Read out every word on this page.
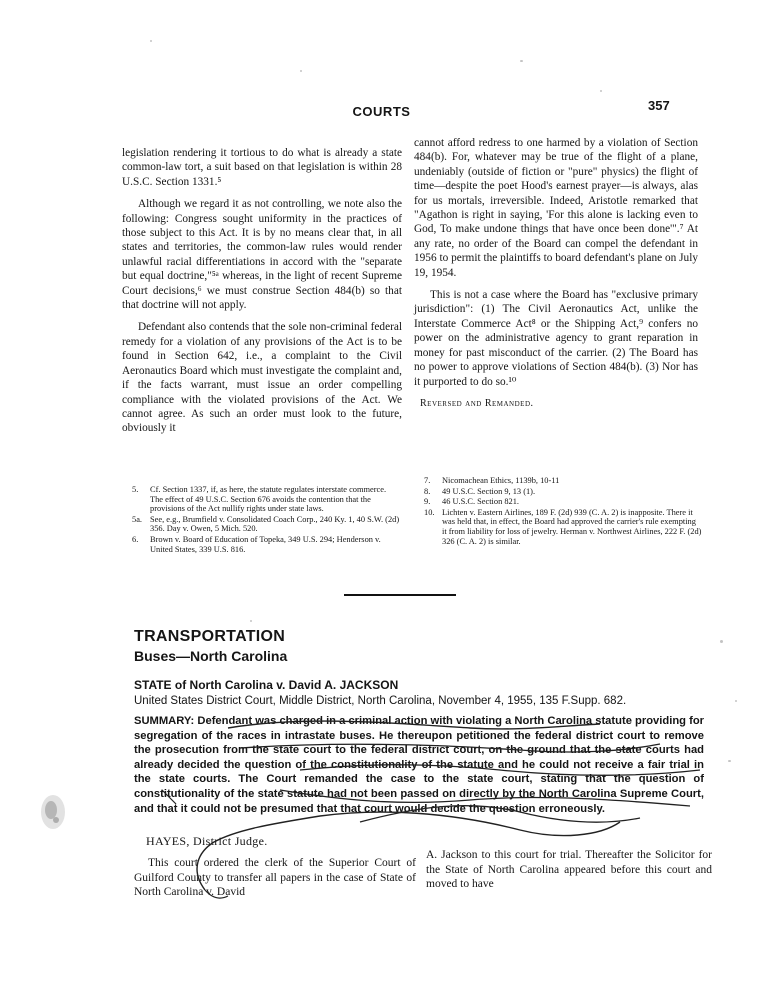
COURTS	357

legislation rendering it tortious to do what is already a state common-law tort, a suit based on that legislation is within 28 U.S.C. Section 1331.⁵

Although we regard it as not controlling, we note also the following: Congress sought uniformity in the practices of those subject to this Act. It is by no means clear that, in all states and territories, the common-law rules would render unlawful racial differentiations in accord with the "separate but equal doctrine,"⁵ᵃ whereas, in the light of recent Supreme Court decisions,⁶ we must construe Section 484(b) so that that doctrine will not apply.

Defendant also contends that the sole non-criminal federal remedy for a violation of any provisions of the Act is to be found in Section 642, i.e., a complaint to the Civil Aeronautics Board which must investigate the complaint and, if the facts warrant, must issue an order compelling compliance with the violated provisions of the Act. We cannot agree. As such an order must look to the future, obviously it

cannot afford redress to one harmed by a violation of Section 484(b). For, whatever may be true of the flight of a plane, undeniably (outside of fiction or "pure" physics) the flight of time—despite the poet Hood's earnest prayer—is always, alas for us mortals, irreversible. Indeed, Aristotle remarked that "Agathon is right in saying, 'For this alone is lacking even to God, To make undone things that have once been done'".⁷ At any rate, no order of the Board can compel the defendant in 1956 to permit the plaintiffs to board defendant's plane on July 19, 1954.

This is not a case where the Board has "exclusive primary jurisdiction": (1) The Civil Aeronautics Act, unlike the Interstate Commerce Act⁸ or the Shipping Act,⁹ confers no power on the administrative agency to grant reparation in money for past misconduct of the carrier. (2) The Board has no power to approve violations of Section 484(b). (3) Nor has it purported to do so.¹⁰

Reversed and Remanded.

5. Cf. Section 1337, if, as here, the statute regulates interstate commerce. The effect of 49 U.S.C. Section 676 avoids the contention that the provisions of the Act nullify rights under state laws.
5a. See, e.g., Brumfield v. Consolidated Coach Corp., 240 Ky. 1, 40 S.W. (2d) 356. Day v. Owen, 5 Mich. 520.
6. Brown v. Board of Education of Topeka, 349 U.S. 294; Henderson v. United States, 339 U.S. 816.
7. Nicomachean Ethics, 1139b, 10-11
8. 49 U.S.C. Section 9, 13 (1).
9. 46 U.S.C. Section 821.
10. Lichten v. Eastern Airlines, 189 F. (2d) 939 (C. A. 2) is inapposite. There it was held that, in effect, the Board had approved the carrier's rule exempting it from liability for loss of jewelry. Herman v. Northwest Airlines, 222 F. (2d) 326 (C. A. 2) is similar.
TRANSPORTATION
Buses—North Carolina
STATE of North Carolina v. David A. JACKSON
United States District Court, Middle District, North Carolina, November 4, 1955, 135 F.Supp. 682.
SUMMARY: Defendant was charged in a criminal action with violating a North Carolina statute providing for segregation of the races in intrastate buses. He thereupon petitioned the federal district court to remove the prosecution from the state court to the federal district court, on the ground that the state courts had already decided the question of the constitutionality of the statute and he could not receive a fair trial in the state courts. The Court remanded the case to the state court, stating that the question of constitutionality of the state statute had not been passed on directly by the North Carolina Supreme Court, and that it could not be presumed that that court would decide the question erroneously.
HAYES, District Judge.
This court ordered the clerk of the Superior Court of Guilford County to transfer all papers in the case of State of North Carolina v. David
A. Jackson to this court for trial. Thereafter the Solicitor for the State of North Carolina appeared before this court and moved to have
